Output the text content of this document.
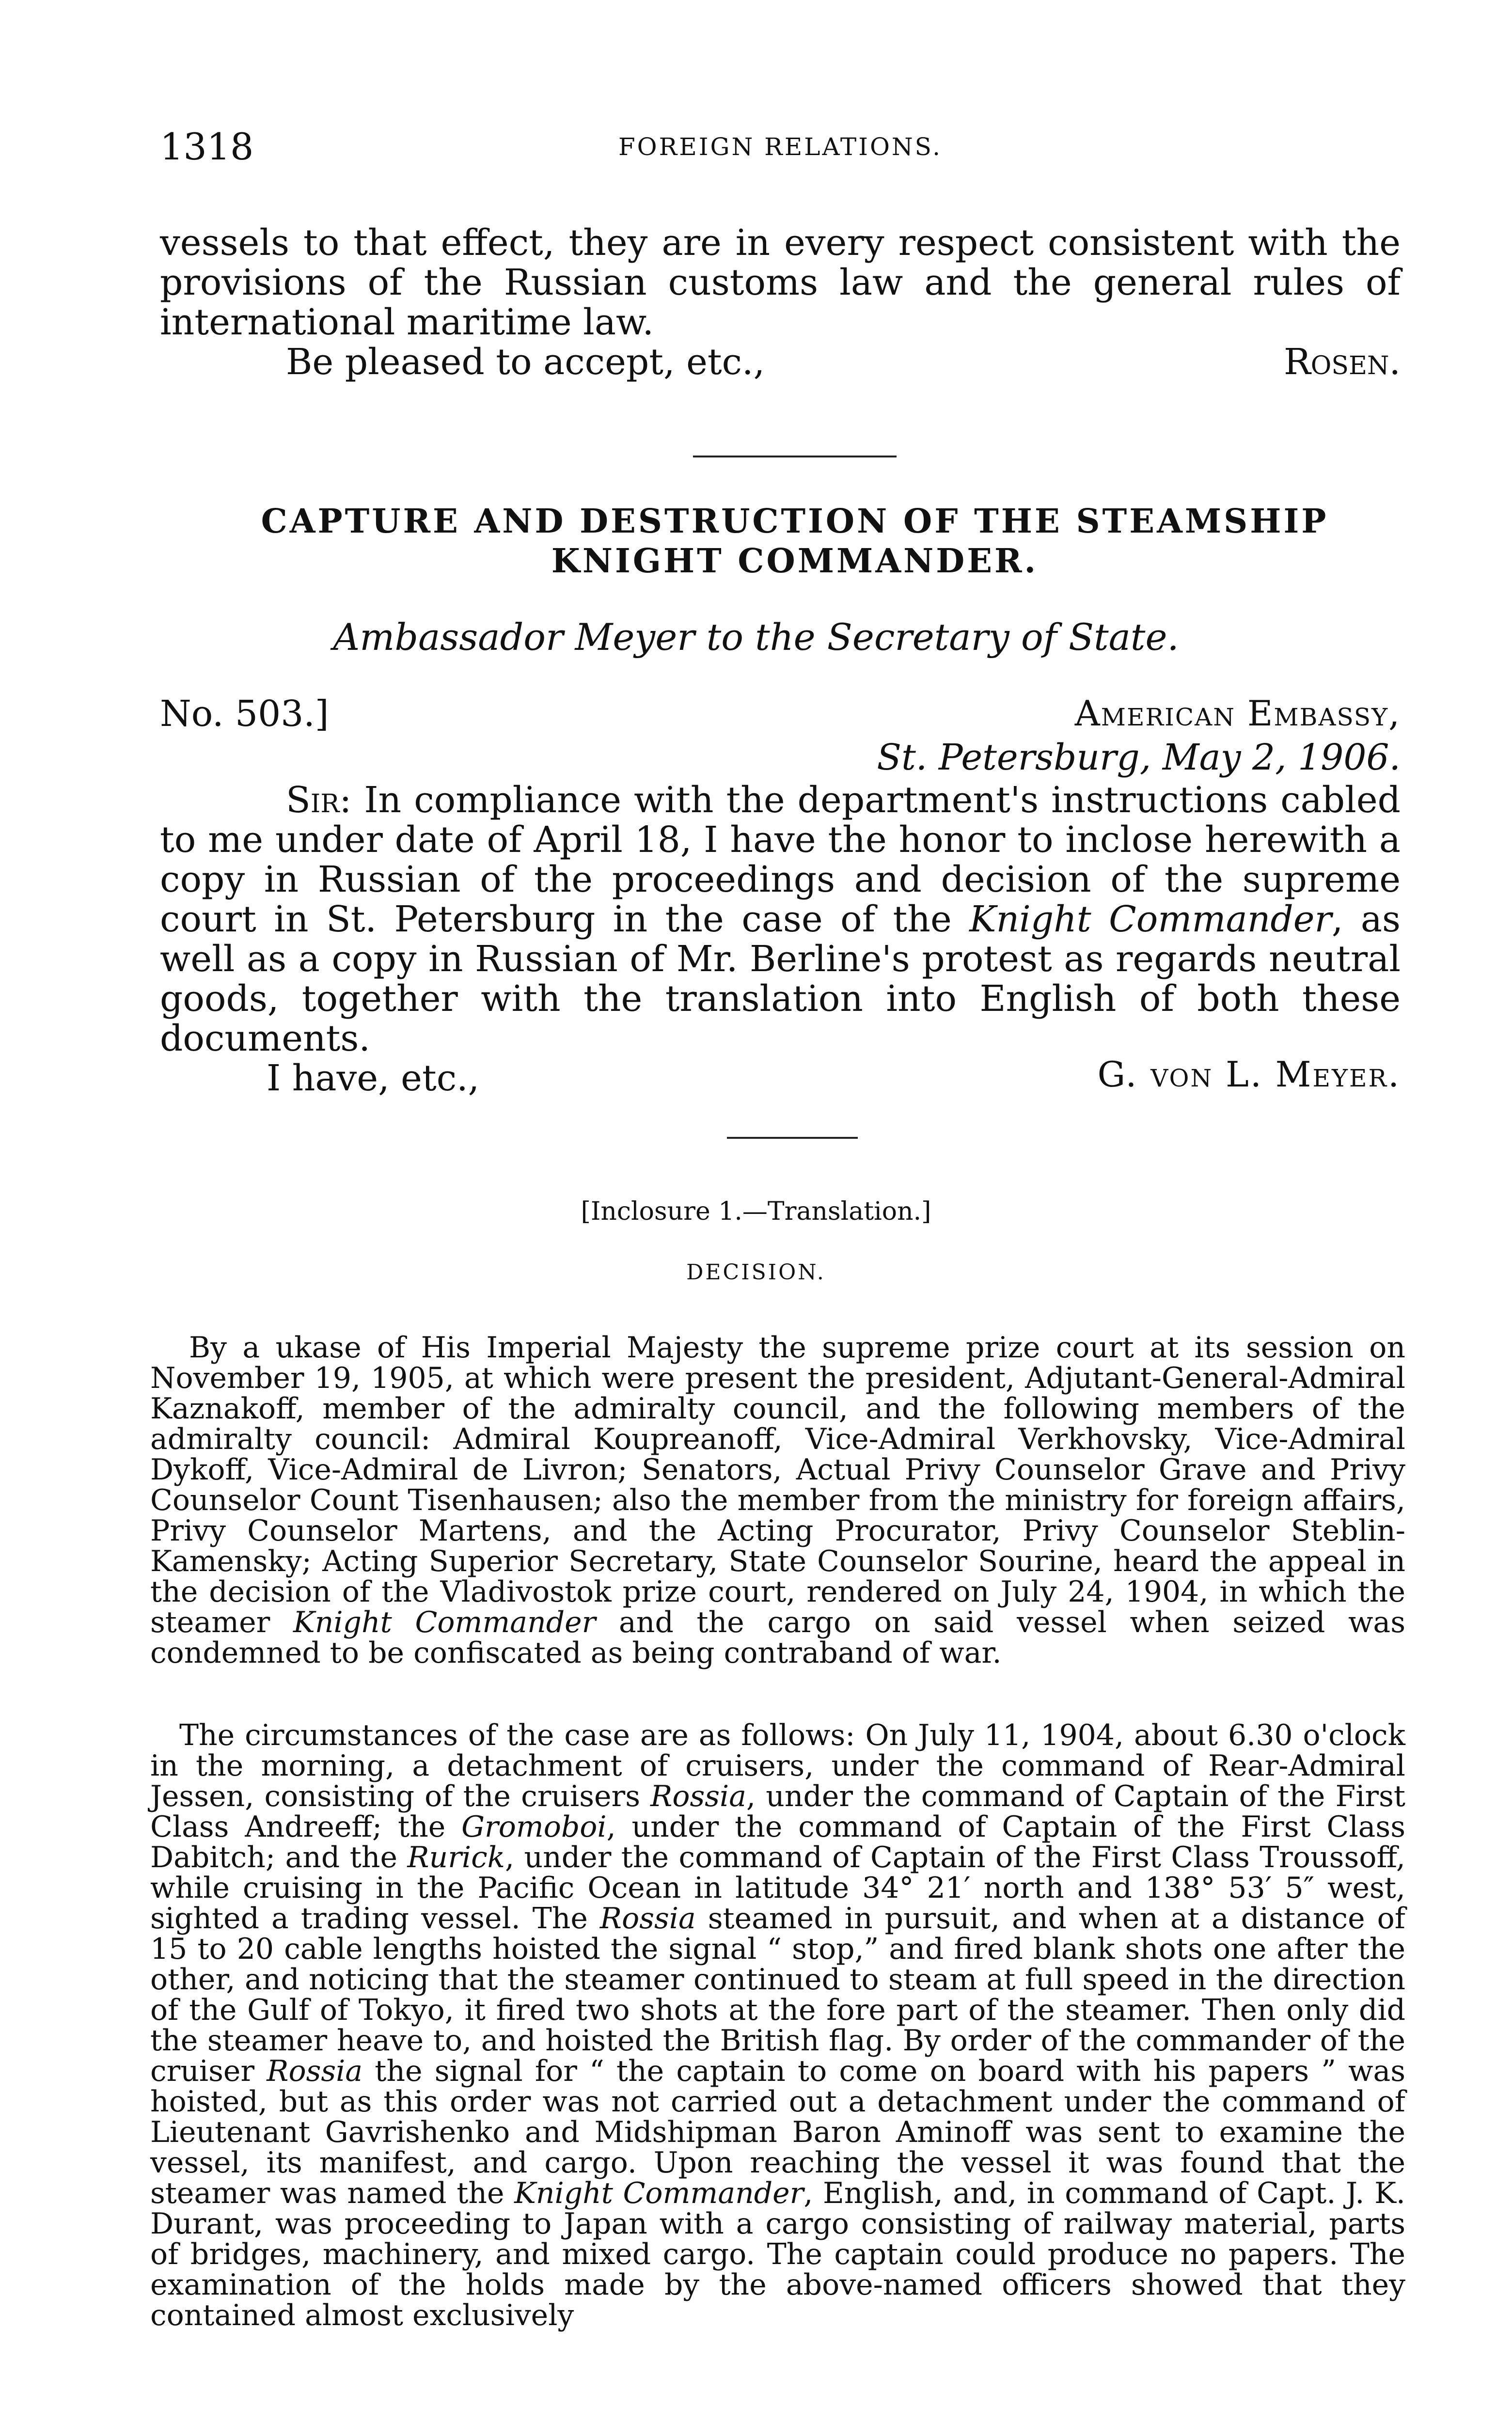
1318	FOREIGN RELATIONS.

vessels to that effect, they are in every respect consistent with the provisions of the Russian customs law and the general rules of international maritime law.

Be pleased to accept, etc.,	Rosen.
CAPTURE AND DESTRUCTION OF THE STEAMSHIP KNIGHT COMMANDER.
Ambassador Meyer to the Secretary of State.
No. 503.]	American Embassy,
St. Petersburg, May 2, 1906.

Sir: In compliance with the department's instructions cabled to me under date of April 18, I have the honor to inclose herewith a copy in Russian of the proceedings and decision of the supreme court in St. Petersburg in the case of the Knight Commander, as well as a copy in Russian of Mr. Berline's protest as regards neutral goods, together with the translation into English of both these documents.

I have, etc.,	G. von L. Meyer.
[Inclosure 1.—Translation.]
DECISION.

By a ukase of His Imperial Majesty the supreme prize court at its session on November 19, 1905, at which were present the president, Adjutant-General-Admiral Kaznakoff, member of the admiralty council, and the following members of the admiralty council: Admiral Koupreanoff, Vice-Admiral Verkhovsky, Vice-Admiral Dykoff, Vice-Admiral de Livron; Senators, Actual Privy Counselor Grave and Privy Counselor Count Tisenhausen; also the member from the ministry for foreign affairs, Privy Counselor Martens, and the Acting Procurator, Privy Counselor Steblin-Kamensky; Acting Superior Secretary, State Counselor Sourine, heard the appeal in the decision of the Vladivostok prize court, rendered on July 24, 1904, in which the steamer Knight Commander and the cargo on said vessel when seized was condemned to be confiscated as being contraband of war.

The circumstances of the case are as follows: On July 11, 1904, about 6.30 o'clock in the morning, a detachment of cruisers, under the command of Rear-Admiral Jessen, consisting of the cruisers Rossia, under the command of Captain of the First Class Andreeff; the Gromoboi, under the command of Captain of the First Class Dabitch; and the Rurick, under the command of Captain of the First Class Troussoff, while cruising in the Pacific Ocean in latitude 34° 21′ north and 138° 53′ 5″ west, sighted a trading vessel. The Rossia steamed in pursuit, and when at a distance of 15 to 20 cable lengths hoisted the signal “ stop,” and fired blank shots one after the other, and noticing that the steamer continued to steam at full speed in the direction of the Gulf of Tokyo, it fired two shots at the fore part of the steamer. Then only did the steamer heave to, and hoisted the British flag. By order of the commander of the cruiser Rossia the signal for “ the captain to come on board with his papers ” was hoisted, but as this order was not carried out a detachment under the command of Lieutenant Gavrishenko and Midshipman Baron Aminoff was sent to examine the vessel, its manifest, and cargo. Upon reaching the vessel it was found that the steamer was named the Knight Commander, English, and, in command of Capt. J. K. Durant, was proceeding to Japan with a cargo consisting of railway material, parts of bridges, machinery, and mixed cargo. The captain could produce no papers. The examination of the holds made by the above-named officers showed that they contained almost exclusively
